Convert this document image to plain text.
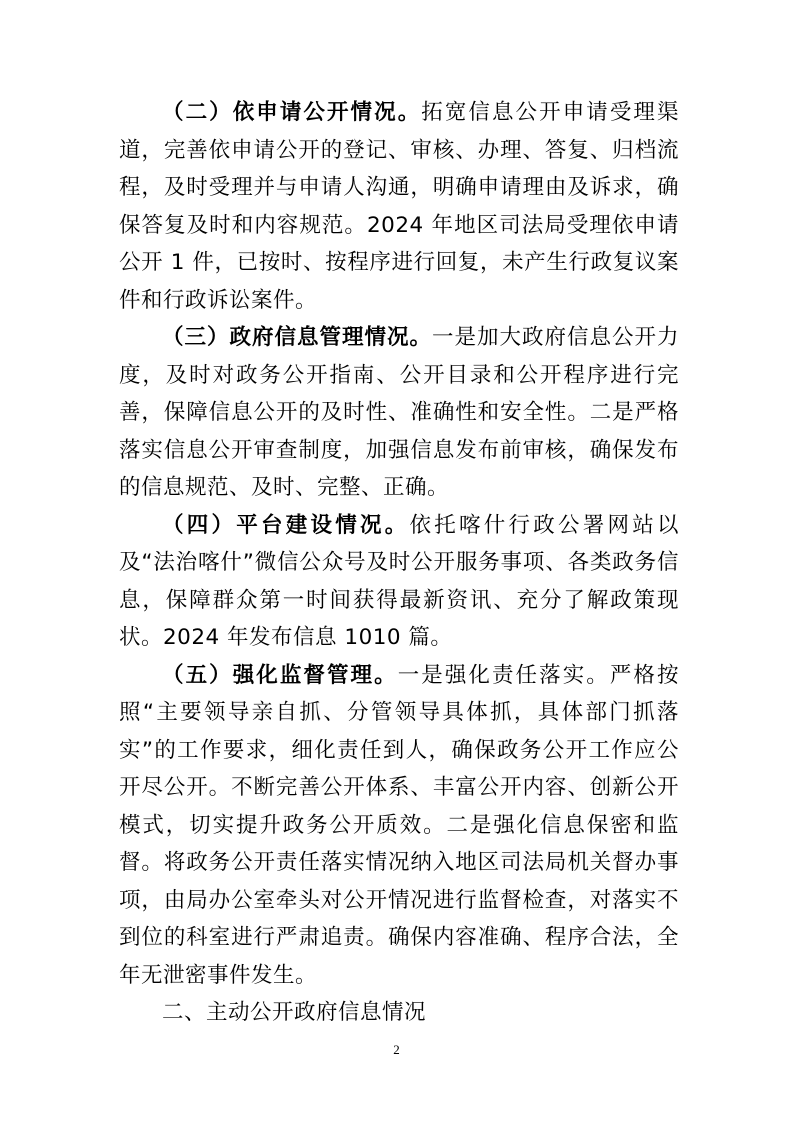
（二）依申请公开情况。拓宽信息公开申请受理渠道，完善依申请公开的登记、审核、办理、答复、归档流程，及时受理并与申请人沟通，明确申请理由及诉求，确保答复及时和内容规范。2024 年地区司法局受理依申请公开 1 件，已按时、按程序进行回复，未产生行政复议案件和行政诉讼案件。

（三）政府信息管理情况。一是加大政府信息公开力度，及时对政务公开指南、公开目录和公开程序进行完善，保障信息公开的及时性、准确性和安全性。二是严格落实信息公开审查制度，加强信息发布前审核，确保发布的信息规范、及时、完整、正确。

（四）平台建设情况。依托喀什行政公署网站以及“法治喀什”微信公众号及时公开服务事项、各类政务信息，保障群众第一时间获得最新资讯、充分了解政策现状。2024 年发布信息 1010 篇。

（五）强化监督管理。一是强化责任落实。严格按照“主要领导亲自抓、分管领导具体抓，具体部门抓落实”的工作要求，细化责任到人，确保政务公开工作应公开尽公开。不断完善公开体系、丰富公开内容、创新公开模式，切实提升政务公开质效。二是强化信息保密和监督。将政务公开责任落实情况纳入地区司法局机关督办事项，由局办公室牵头对公开情况进行监督检查，对落实不到位的科室进行严肃追责。确保内容准确、程序合法，全年无泄密事件发生。

二、主动公开政府信息情况

2
